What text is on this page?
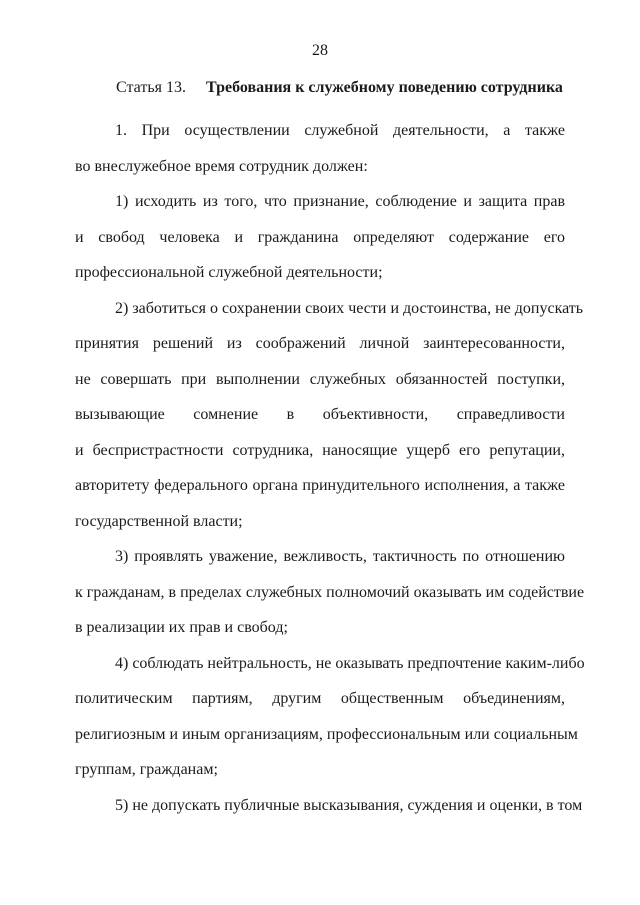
28
Статья 13.	Требования к служебному поведению сотрудника
1. При осуществлении служебной деятельности, а также
во внеслужебное время сотрудник должен:
1) исходить из того, что признание, соблюдение и защита прав
и свобод человека и гражданина определяют содержание его
профессиональной служебной деятельности;
2) заботиться о сохранении своих чести и достоинства, не допускать
принятия решений из соображений личной заинтересованности,
не совершать при выполнении служебных обязанностей поступки,
вызывающие сомнение в объективности, справедливости
и беспристрастности сотрудника, наносящие ущерб его репутации,
авторитету федерального органа принудительного исполнения, а также
государственной власти;
3) проявлять уважение, вежливость, тактичность по отношению
к гражданам, в пределах служебных полномочий оказывать им содействие
в реализации их прав и свобод;
4) соблюдать нейтральность, не оказывать предпочтение каким-либо
политическим партиям, другим общественным объединениям,
религиозным и иным организациям, профессиональным или социальным
группам, гражданам;
5) не допускать публичные высказывания, суждения и оценки, в том
